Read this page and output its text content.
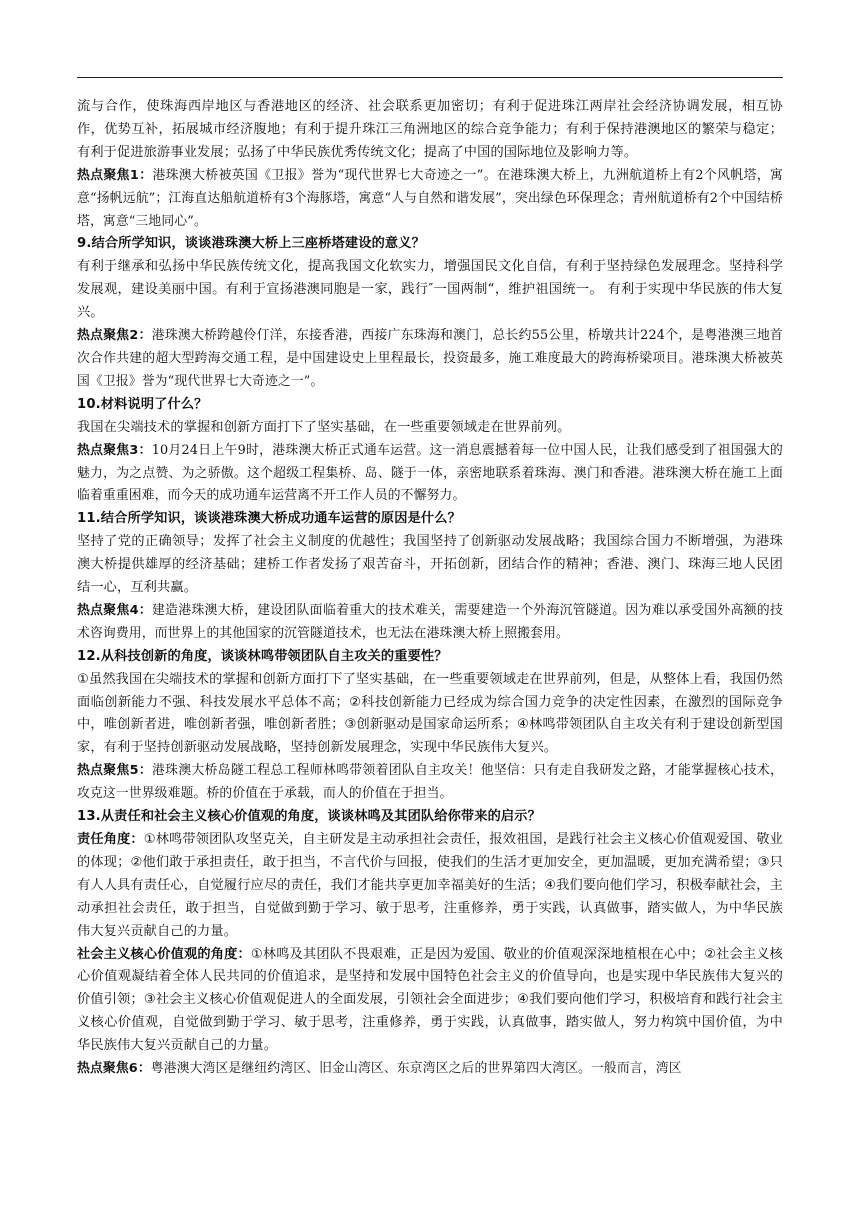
流与合作，使珠海西岸地区与香港地区的经济、社会联系更加密切；有利于促进珠江两岸社会经济协调发展，相互协作，优势互补，拓展城市经济腹地；有利于提升珠江三角洲地区的综合竞争能力；有利于保持港澳地区的繁荣与稳定；有利于促进旅游事业发展；弘扬了中华民族优秀传统文化；提高了中国的国际地位及影响力等。

热点聚焦1：港珠澳大桥被英国《卫报》誉为“现代世界七大奇迹之一”。在港珠澳大桥上，九洲航道桥上有2个风帆塔，寓意“扬帆远航”；江海直达船航道桥有3个海豚塔，寓意“人与自然和谐发展”，突出绿色环保理念；青州航道桥有2个中国结桥塔，寓意“三地同心”。

9.结合所学知识，谈谈港珠澳大桥上三座桥塔建设的意义？

有利于继承和弘扬中华民族传统文化，提高我国文化软实力，增强国民文化自信，有利于坚持绿色发展理念。坚持科学发展观，建设美丽中国。有利于宣扬港澳同胞是一家，践行″一国两制“，维护祖国统一。 有利于实现中华民族的伟大复兴。

热点聚焦2：港珠澳大桥跨越伶仃洋，东接香港，西接广东珠海和澳门，总长约55公里，桥墩共计224个，是粤港澳三地首次合作共建的超大型跨海交通工程，是中国建设史上里程最长，投资最多，施工难度最大的跨海桥梁项目。港珠澳大桥被英国《卫报》誉为“现代世界七大奇迹之一”。

10.材料说明了什么？

我国在尖端技术的掌握和创新方面打下了坚实基础，在一些重要领域走在世界前列。

热点聚焦3：10月24日上午9时，港珠澳大桥正式通车运营。这一消息震撼着每一位中国人民，让我们感受到了祖国强大的魅力，为之点赞、为之骄傲。这个超级工程集桥、岛、隧于一体，亲密地联系着珠海、澳门和香港。港珠澳大桥在施工上面临着重重困难，而今天的成功通车运营离不开工作人员的不懈努力。

11.结合所学知识，谈谈港珠澳大桥成功通车运营的原因是什么？

坚持了党的正确领导；发挥了社会主义制度的优越性；我国坚持了创新驱动发展战略；我国综合国力不断增强，为港珠澳大桥提供雄厚的经济基础；建桥工作者发扬了艰苦奋斗，开拓创新，团结合作的精神；香港、澳门、珠海三地人民团结一心，互利共赢。

热点聚焦4：建造港珠澳大桥，建设团队面临着重大的技术难关，需要建造一个外海沉管隧道。因为难以承受国外高额的技术咨询费用，而世界上的其他国家的沉管隧道技术，也无法在港珠澳大桥上照搬套用。

12.从科技创新的角度，谈谈林鸣带领团队自主攻关的重要性？

①虽然我国在尖端技术的掌握和创新方面打下了坚实基础，在一些重要领域走在世界前列，但是，从整体上看，我国仍然面临创新能力不强、科技发展水平总体不高；②科技创新能力已经成为综合国力竞争的决定性因素，在激烈的国际竞争中，唯创新者进，唯创新者强，唯创新者胜；③创新驱动是国家命运所系；④林鸣带领团队自主攻关有利于建设创新型国家，有利于坚持创新驱动发展战略，坚持创新发展理念，实现中华民族伟大复兴。

热点聚焦5：港珠澳大桥岛隧工程总工程师林鸣带领着团队自主攻关！他坚信：只有走自我研发之路，才能掌握核心技术，攻克这一世界级难题。桥的价值在于承载，而人的价值在于担当。

13.从责任和社会主义核心价值观的角度，谈谈林鸣及其团队给你带来的启示？

责任角度：①林鸣带领团队攻坚克关，自主研发是主动承担社会责任，报效祖国，是践行社会主义核心价值观爱国、敬业的体现；②他们敢于承担责任，敢于担当，不言代价与回报，使我们的生活才更加安全，更加温暖，更加充满希望；③只有人人具有责任心，自觉履行应尽的责任，我们才能共享更加幸福美好的生活；④我们要向他们学习，积极奉献社会，主动承担社会责任，敢于担当，自觉做到勤于学习、敏于思考，注重修养，勇于实践，认真做事，踏实做人，为中华民族伟大复兴贡献自己的力量。

社会主义核心价值观的角度：①林鸣及其团队不畏艰难，正是因为爱国、敬业的价值观深深地植根在心中；②社会主义核心价值观凝结着全体人民共同的价值追求，是坚持和发展中国特色社会主义的价值导向，也是实现中华民族伟大复兴的价值引领；③社会主义核心价值观促进人的全面发展，引领社会全面进步；④我们要向他们学习，积极培育和践行社会主义核心价值观，自觉做到勤于学习、敏于思考，注重修养，勇于实践，认真做事，踏实做人，努力构筑中国价值，为中华民族伟大复兴贡献自己的力量。

热点聚焦6：粤港澳大湾区是继纽约湾区、旧金山湾区、东京湾区之后的世界第四大湾区。一般而言，湾区
